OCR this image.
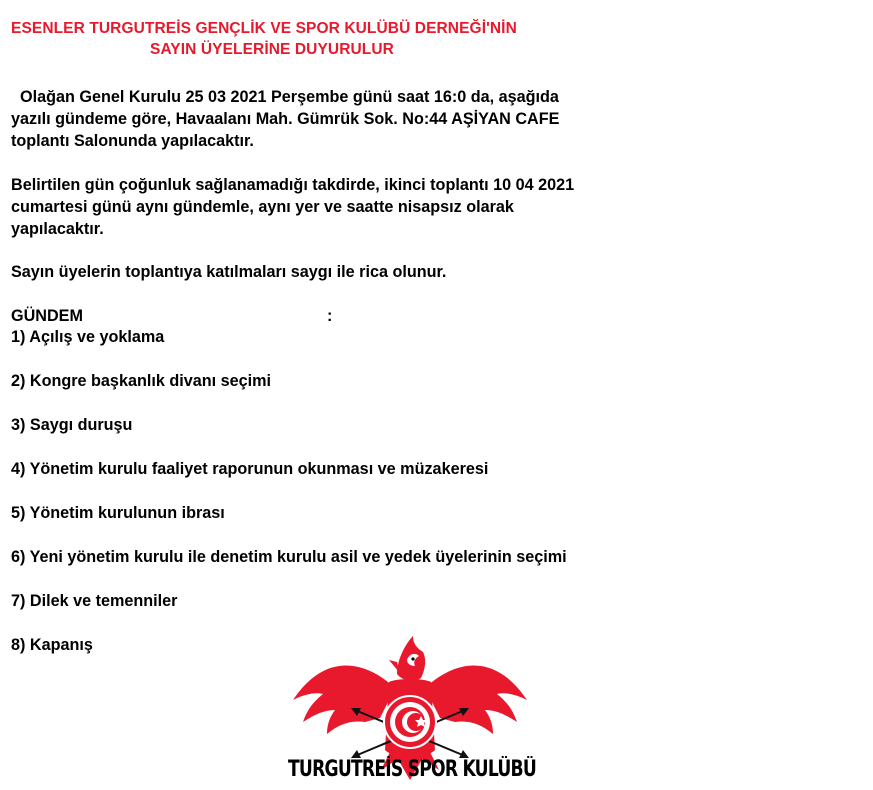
ESENLER TURGUTREİS GENÇLİK VE SPOR KULÜBÜ DERNEĞİ'NİN
SAYIN ÜYELERİNE DUYURULUR
Olağan Genel Kurulu 25 03 2021 Perşembe günü saat 16:0 da, aşağıda
yazılı gündeme göre, Havaalanı Mah. Gümrük Sok. No:44 AŞİYAN CAFE
toplantı Salonunda yapılacaktır.
Belirtilen gün çoğunluk sağlanamadığı takdirde, ikinci toplantı 10 04 2021
cumartesi günü aynı gündemle, aynı yer ve saatte nisapsız olarak
yapılacaktır.
Sayın üyelerin toplantıya katılmaları saygı ile rica olunur.
GÜNDEM	:
1) Açılış ve yoklama
2) Kongre başkanlık divanı seçimi
3) Saygı duruşu
4) Yönetim kurulu faaliyet raporunun okunması ve müzakeresi
5) Yönetim kurulunun ibrası
6) Yeni yönetim kurulu ile denetim kurulu asil ve yedek üyelerinin seçimi
7) Dilek ve temenniler
8) Kapanış
TURGUTREİS SPOR KULÜBÜ
